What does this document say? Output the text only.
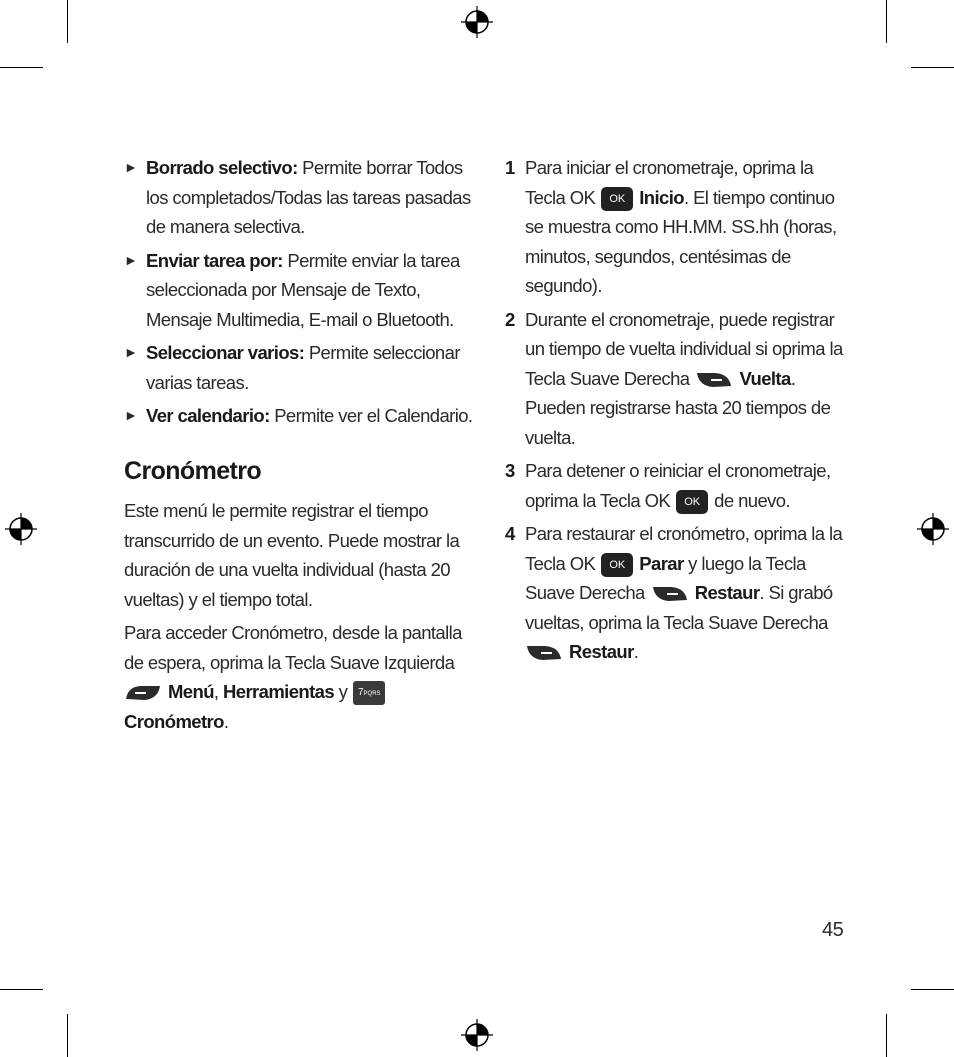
► Borrado selectivo: Permite borrar Todos los completados/Todas las tareas pasadas de manera selectiva.
► Enviar tarea por: Permite enviar la tarea seleccionada por Mensaje de Texto, Mensaje Multimedia, E-mail o Bluetooth.
► Seleccionar varios: Permite seleccionar varias tareas.
► Ver calendario: Permite ver el Calendario.
Cronómetro

Este menú le permite registrar el tiempo transcurrido de un evento. Puede mostrar la duración de una vuelta individual (hasta 20 vueltas) y el tiempo total.

Para acceder Cronómetro, desde la pantalla de espera, oprima la Tecla Suave Izquierda
Menú, Herramientas y 7PQRS
Cronómetro.

1 Para iniciar el cronometraje, oprima la Tecla OK OK Inicio. El tiempo continuo se muestra como HH.MM. SS.hh (horas, minutos, segundos, centésimas de segundo).
2 Durante el cronometraje, puede registrar un tiempo de vuelta individual si oprima la Tecla Suave Derecha	Vuelta. Pueden registrarse hasta 20 tiempos de vuelta.
3 Para detener o reiniciar el cronometraje, oprima la Tecla OK OK de nuevo.
4 Para restaurar el cronómetro, oprima la la Tecla OK OK Parar y luego la Tecla Suave Derecha	Restaur. Si grabó vueltas, oprima la Tecla Suave Derecha
Restaur.
45
